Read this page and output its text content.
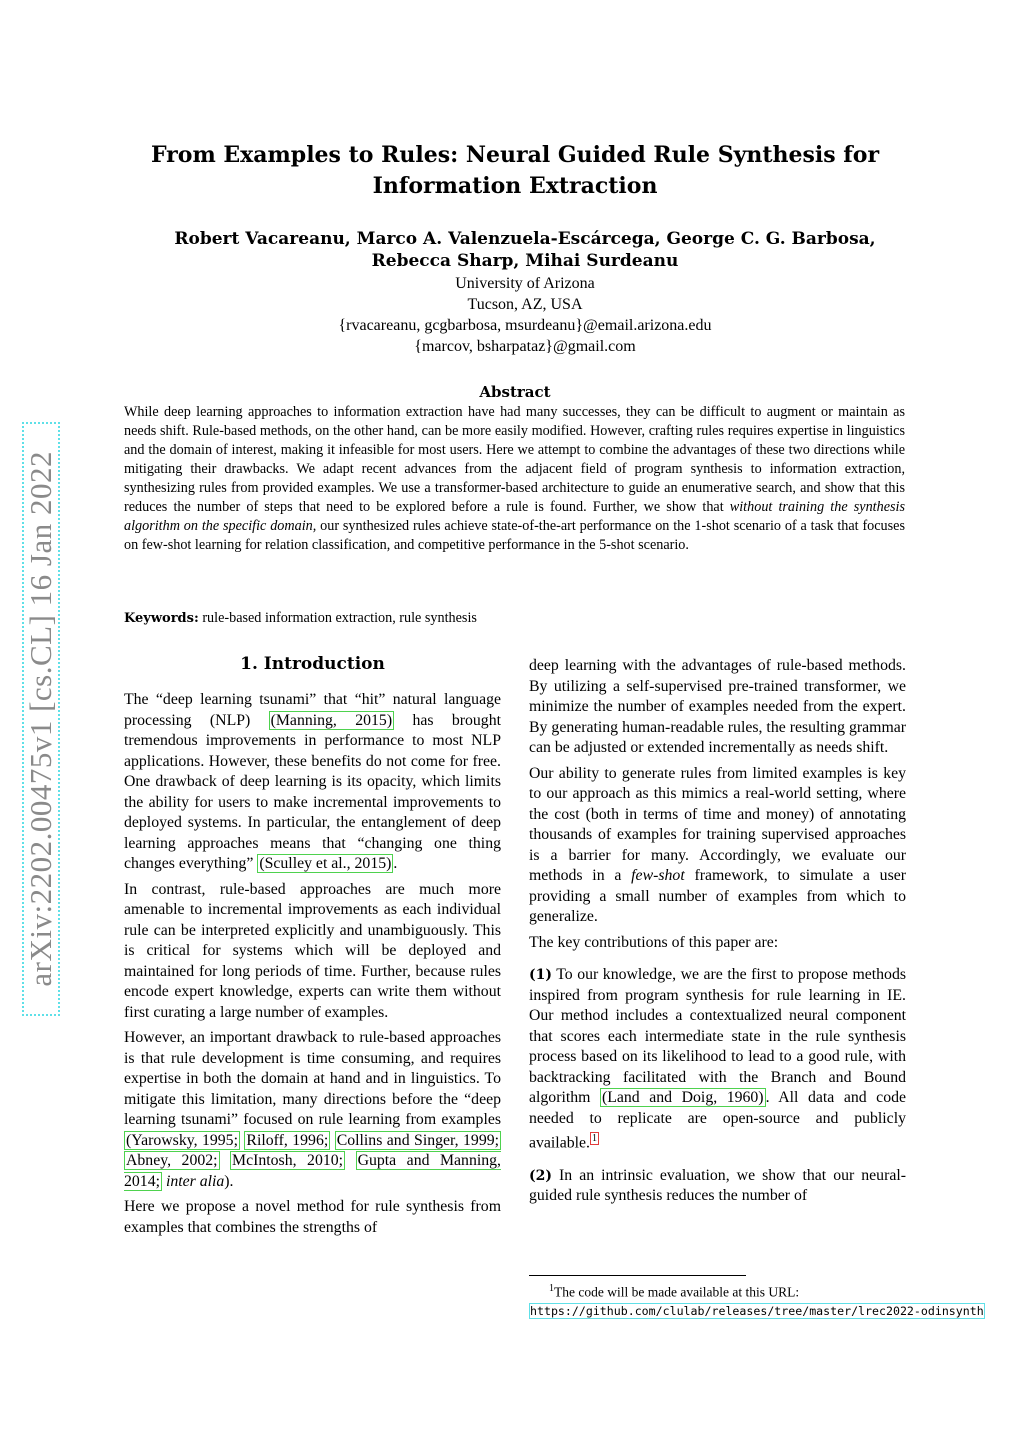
arXiv:2202.00475v1 [cs.CL] 16 Jan 2022
From Examples to Rules: Neural Guided Rule Synthesis for
Information Extraction
Robert Vacareanu, Marco A. Valenzuela-Escárcega, George C. G. Barbosa,
Rebecca Sharp, Mihai Surdeanu
University of Arizona
Tucson, AZ, USA
{rvacareanu, gcgbarbosa, msurdeanu}@email.arizona.edu
{marcov, bsharpataz}@gmail.com
Abstract
While deep learning approaches to information extraction have had many successes, they can be difficult to augment or maintain as needs shift. Rule-based methods, on the other hand, can be more easily modified. However, crafting rules requires expertise in linguistics and the domain of interest, making it infeasible for most users. Here we attempt to combine the advantages of these two directions while mitigating their drawbacks. We adapt recent advances from the adjacent field of program synthesis to information extraction, synthesizing rules from provided examples. We use a transformer-based architecture to guide an enumerative search, and show that this reduces the number of steps that need to be explored before a rule is found. Further, we show that without training the synthesis algorithm on the specific domain, our synthesized rules achieve state-of-the-art performance on the 1-shot scenario of a task that focuses on few-shot learning for relation classification, and competitive performance in the 5-shot scenario.
Keywords: rule-based information extraction, rule synthesis
1. Introduction

The “deep learning tsunami” that “hit” natural language processing (NLP) (Manning, 2015) has brought tremendous improvements in performance to most NLP applications. However, these benefits do not come for free. One drawback of deep learning is its opacity, which limits the ability for users to make incremental improvements to deployed systems. In particular, the entanglement of deep learning approaches means that “changing one thing changes everything” (Sculley et al., 2015) .

In contrast, rule-based approaches are much more amenable to incremental improvements as each individual rule can be interpreted explicitly and unambiguously. This is critical for systems which will be deployed and maintained for long periods of time. Further, because rules encode expert knowledge, experts can write them without first curating a large number of examples.

However, an important drawback to rule-based approaches is that rule development is time consuming, and requires expertise in both the domain at hand and in linguistics. To mitigate this limitation, many directions before the “deep learning tsunami” focused on rule learning from examples (Yarowsky, 1995; Riloff, 1996; Collins and Singer, 1999; Abney, 2002; McIntosh, 2010; Gupta and Manning, 2014; inter alia).

Here we propose a novel method for rule synthesis from examples that combines the strengths of

deep learning with the advantages of rule-based methods. By utilizing a self-supervised pre-trained transformer, we minimize the number of examples needed from the expert. By generating human-readable rules, the resulting grammar can be adjusted or extended incrementally as needs shift.

Our ability to generate rules from limited examples is key to our approach as this mimics a real-world setting, where the cost (both in terms of time and money) of annotating thousands of examples for training supervised approaches is a barrier for many. Accordingly, we evaluate our methods in a few-shot framework, to simulate a user providing a small number of examples from which to generalize.

The key contributions of this paper are:

(1) To our knowledge, we are the first to propose methods inspired from program synthesis for rule learning in IE. Our method includes a contextualized neural component that scores each intermediate state in the rule synthesis process based on its likelihood to lead to a good rule, with backtracking facilitated with the Branch and Bound algorithm (Land and Doig, 1960) . All data and code needed to replicate are open-source and publicly available. $^1$

(2) In an intrinsic evaluation, we show that our neural-guided rule synthesis reduces the number of

$^1$The code will be made available at this URL:
https://github.com/clulab/releases/tree/master/lrec2022-odinsynth
